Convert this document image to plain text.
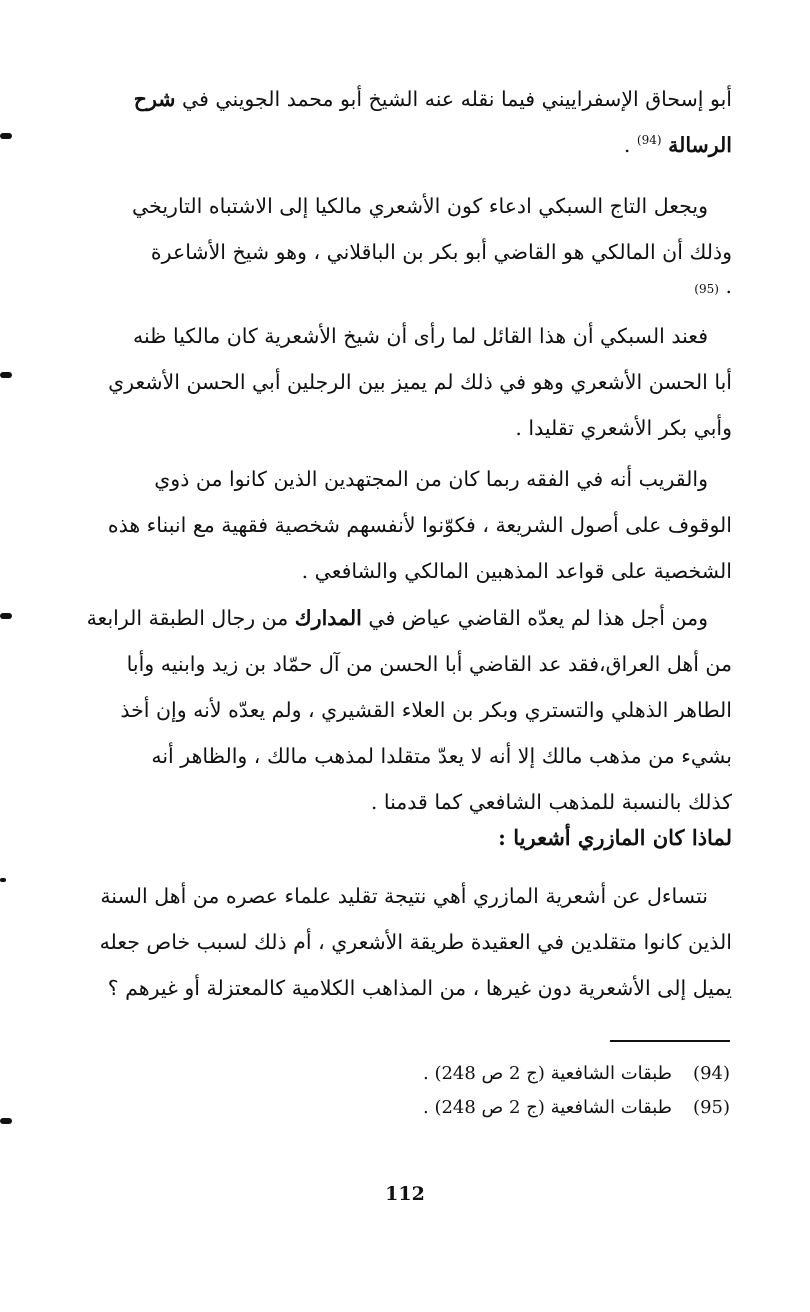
أبو إسحاق الإسفراييني فيما نقله عنه الشيخ أبو محمد الجويني في شرح
الرسالة $^{(94)}$ .
ويجعل التاج السبكي ادعاء كون الأشعري مالكيا إلى الاشتباه التاريخي
وذلك أن المالكي هو القاضي أبو بكر بن الباقلاني ، وهو شيخ الأشاعرة
(95) .
فعند السبكي أن هذا القائل لما رأى أن شيخ الأشعرية كان مالكيا ظنه
أبا الحسن الأشعري وهو في ذلك لم يميز بين الرجلين أبي الحسن الأشعري
وأبي بكر الأشعري تقليدا .
والقريب أنه في الفقه ربما كان من المجتهدين الذين كانوا من ذوي
الوقوف على أصول الشريعة ، فكوّنوا لأنفسهم شخصية فقهية مع انبناء هذه
الشخصية على قواعد المذهبين المالكي والشافعي .
ومن أجل هذا لم يعدّه القاضي عياض في المدارك من رجال الطبقة الرابعة
من أهل العراق،فقد عد القاضي أبا الحسن من آل حمّاد بن زيد وابنيه وأبا
الطاهر الذهلي والتستري وبكر بن العلاء القشيري ، ولم يعدّه لأنه وإن أخذ
بشيء من مذهب مالك إلا أنه لا يعدّ متقلدا لمذهب مالك ، والظاهر أنه
كذلك بالنسبة للمذهب الشافعي كما قدمنا .
لماذا كان المازري أشعريا :
نتساءل عن أشعرية المازري أهي نتيجة تقليد علماء عصره من أهل السنة
الذين كانوا متقلدين في العقيدة طريقة الأشعري ، أم ذلك لسبب خاص جعله
يميل إلى الأشعرية دون غيرها ، من المذاهب الكلامية كالمعتزلة أو غيرهم ؟
(94)طبقات الشافعية (ج 2 ص 248) .
(95)طبقات الشافعية (ج 2 ص 248) .
112
